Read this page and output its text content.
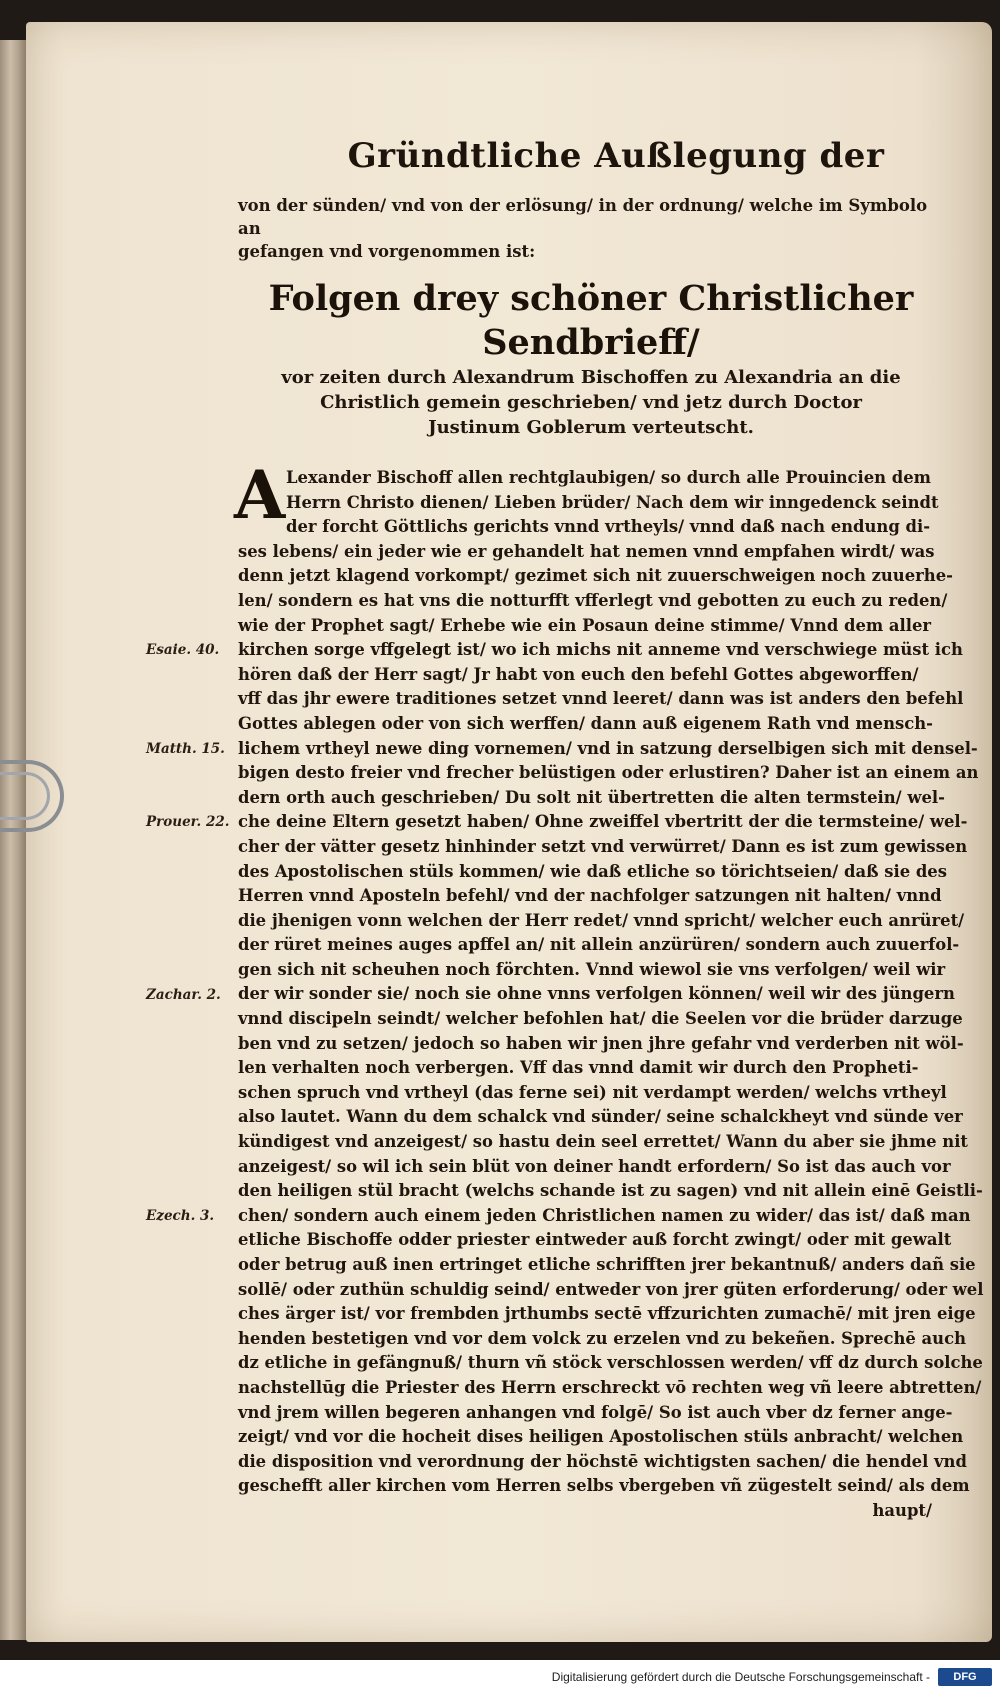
Gründtliche Außlegung der
von der sünden/ vnd von der erlösung/ in der ordnung/ welche im Symbolo an
gefangen vnd vorgenommen ist:
Folgen drey schöner Christlicher Sendbrieff/
vor zeiten durch Alexandrum Bischoffen zu Alexandria an die
Christlich gemein geschrieben/ vnd jetz durch Doctor
Justinum Goblerum verteutscht.
A Lexander Bischoff allen rechtglaubigen/ so durch alle Prouincien dem
Herrn Christo dienen/ Lieben brüder/ Nach dem wir inngedenck seindt
der forcht Göttlichs gerichts vnnd vrtheyls/ vnnd daß nach endung di-
ses lebens/ ein jeder wie er gehandelt hat nemen vnnd empfahen wirdt/ was
denn jetzt klagend vorkompt/ gezimet sich nit zuuerschweigen noch zuuerhe-
len/ sondern es hat vns die notturfft vfferlegt vnd gebotten zu euch zu reden/
wie der Prophet sagt/ Erhebe wie ein Posaun deine stimme/ Vnnd dem aller
kirchen sorge vffgelegt ist/ wo ich michs nit anneme vnd verschwiege müst ich
hören daß der Herr sagt/ Jr habt von euch den befehl Gottes abgeworffen/
vff das jhr ewere traditiones setzet vnnd leeret/ dann was ist anders den befehl
Gottes ablegen oder von sich werffen/ dann auß eigenem Rath vnd mensch-
lichem vrtheyl newe ding vornemen/ vnd in satzung derselbigen sich mit densel-
bigen desto freier vnd frecher belüstigen oder erlustiren? Daher ist an einem an
dern orth auch geschrieben/ Du solt nit übertretten die alten termstein/ wel-
che deine Eltern gesetzt haben/ Ohne zweiffel vbertritt der die termsteine/ wel-
cher der vätter gesetz hinhinder setzt vnd verwürret/ Dann es ist zum gewissen
des Apostolischen stüls kommen/ wie daß etliche so törichtseien/ daß sie des
Herren vnnd Aposteln befehl/ vnd der nachfolger satzungen nit halten/ vnnd
die jhenigen vonn welchen der Herr redet/ vnnd spricht/ welcher euch anrüret/
der rüret meines auges apffel an/ nit allein anzürüren/ sondern auch zuuerfol-
gen sich nit scheuhen noch förchten. Vnnd wiewol sie vns verfolgen/ weil wir
der wir sonder sie/ noch sie ohne vnns verfolgen können/ weil wir des jüngern
vnnd discipeln seindt/ welcher befohlen hat/ die Seelen vor die brüder darzuge
ben vnd zu setzen/ jedoch so haben wir jnen jhre gefahr vnd verderben nit wöl-
len verhalten noch verbergen. Vff das vnnd damit wir durch den Propheti-
schen spruch vnd vrtheyl (das ferne sei) nit verdampt werden/ welchs vrtheyl
also lautet. Wann du dem schalck vnd sünder/ seine schalckheyt vnd sünde ver
kündigest vnd anzeigest/ so hastu dein seel errettet/ Wann du aber sie jhme nit
anzeigest/ so wil ich sein blüt von deiner handt erfordern/ So ist das auch vor
den heiligen stül bracht (welchs schande ist zu sagen) vnd nit allein einē Geistli-
chen/ sondern auch einem jeden Christlichen namen zu wider/ das ist/ daß man
etliche Bischoffe odder priester eintweder auß forcht zwingt/ oder mit gewalt
oder betrug auß inen ertringet etliche schrifften jrer bekantnuß/ anders dañ sie
sollē/ oder zuthün schuldig seind/ entweder von jrer güten erforderung/ oder wel
ches ärger ist/ vor frembden jrthumbs sectē vffzurichten zumachē/ mit jren eige
henden bestetigen vnd vor dem volck zu erzelen vnd zu bekeñen. Sprechē auch
dz etliche in gefängnuß/ thurn vñ stöck verschlossen werden/ vff dz durch solche
nachstellūg die Priester des Herrn erschreckt vō rechten weg vñ leere abtretten/
vnd jrem willen begeren anhangen vnd folgē/ So ist auch vber dz ferner ange-
zeigt/ vnd vor die hocheit dises heiligen Apostolischen stüls anbracht/ welchen
die disposition vnd verordnung der höchstē wichtigsten sachen/ die hendel vnd
geschefft aller kirchen vom Herren selbs vbergeben vñ zügestelt seind/ als dem
haupt/
Esaie. 40.
Matth. 15.
Prouer. 22.
Zachar. 2.
Ezech. 3.
Digitalisierung gefördert durch die Deutsche Forschungsgemeinschaft -	DFG
